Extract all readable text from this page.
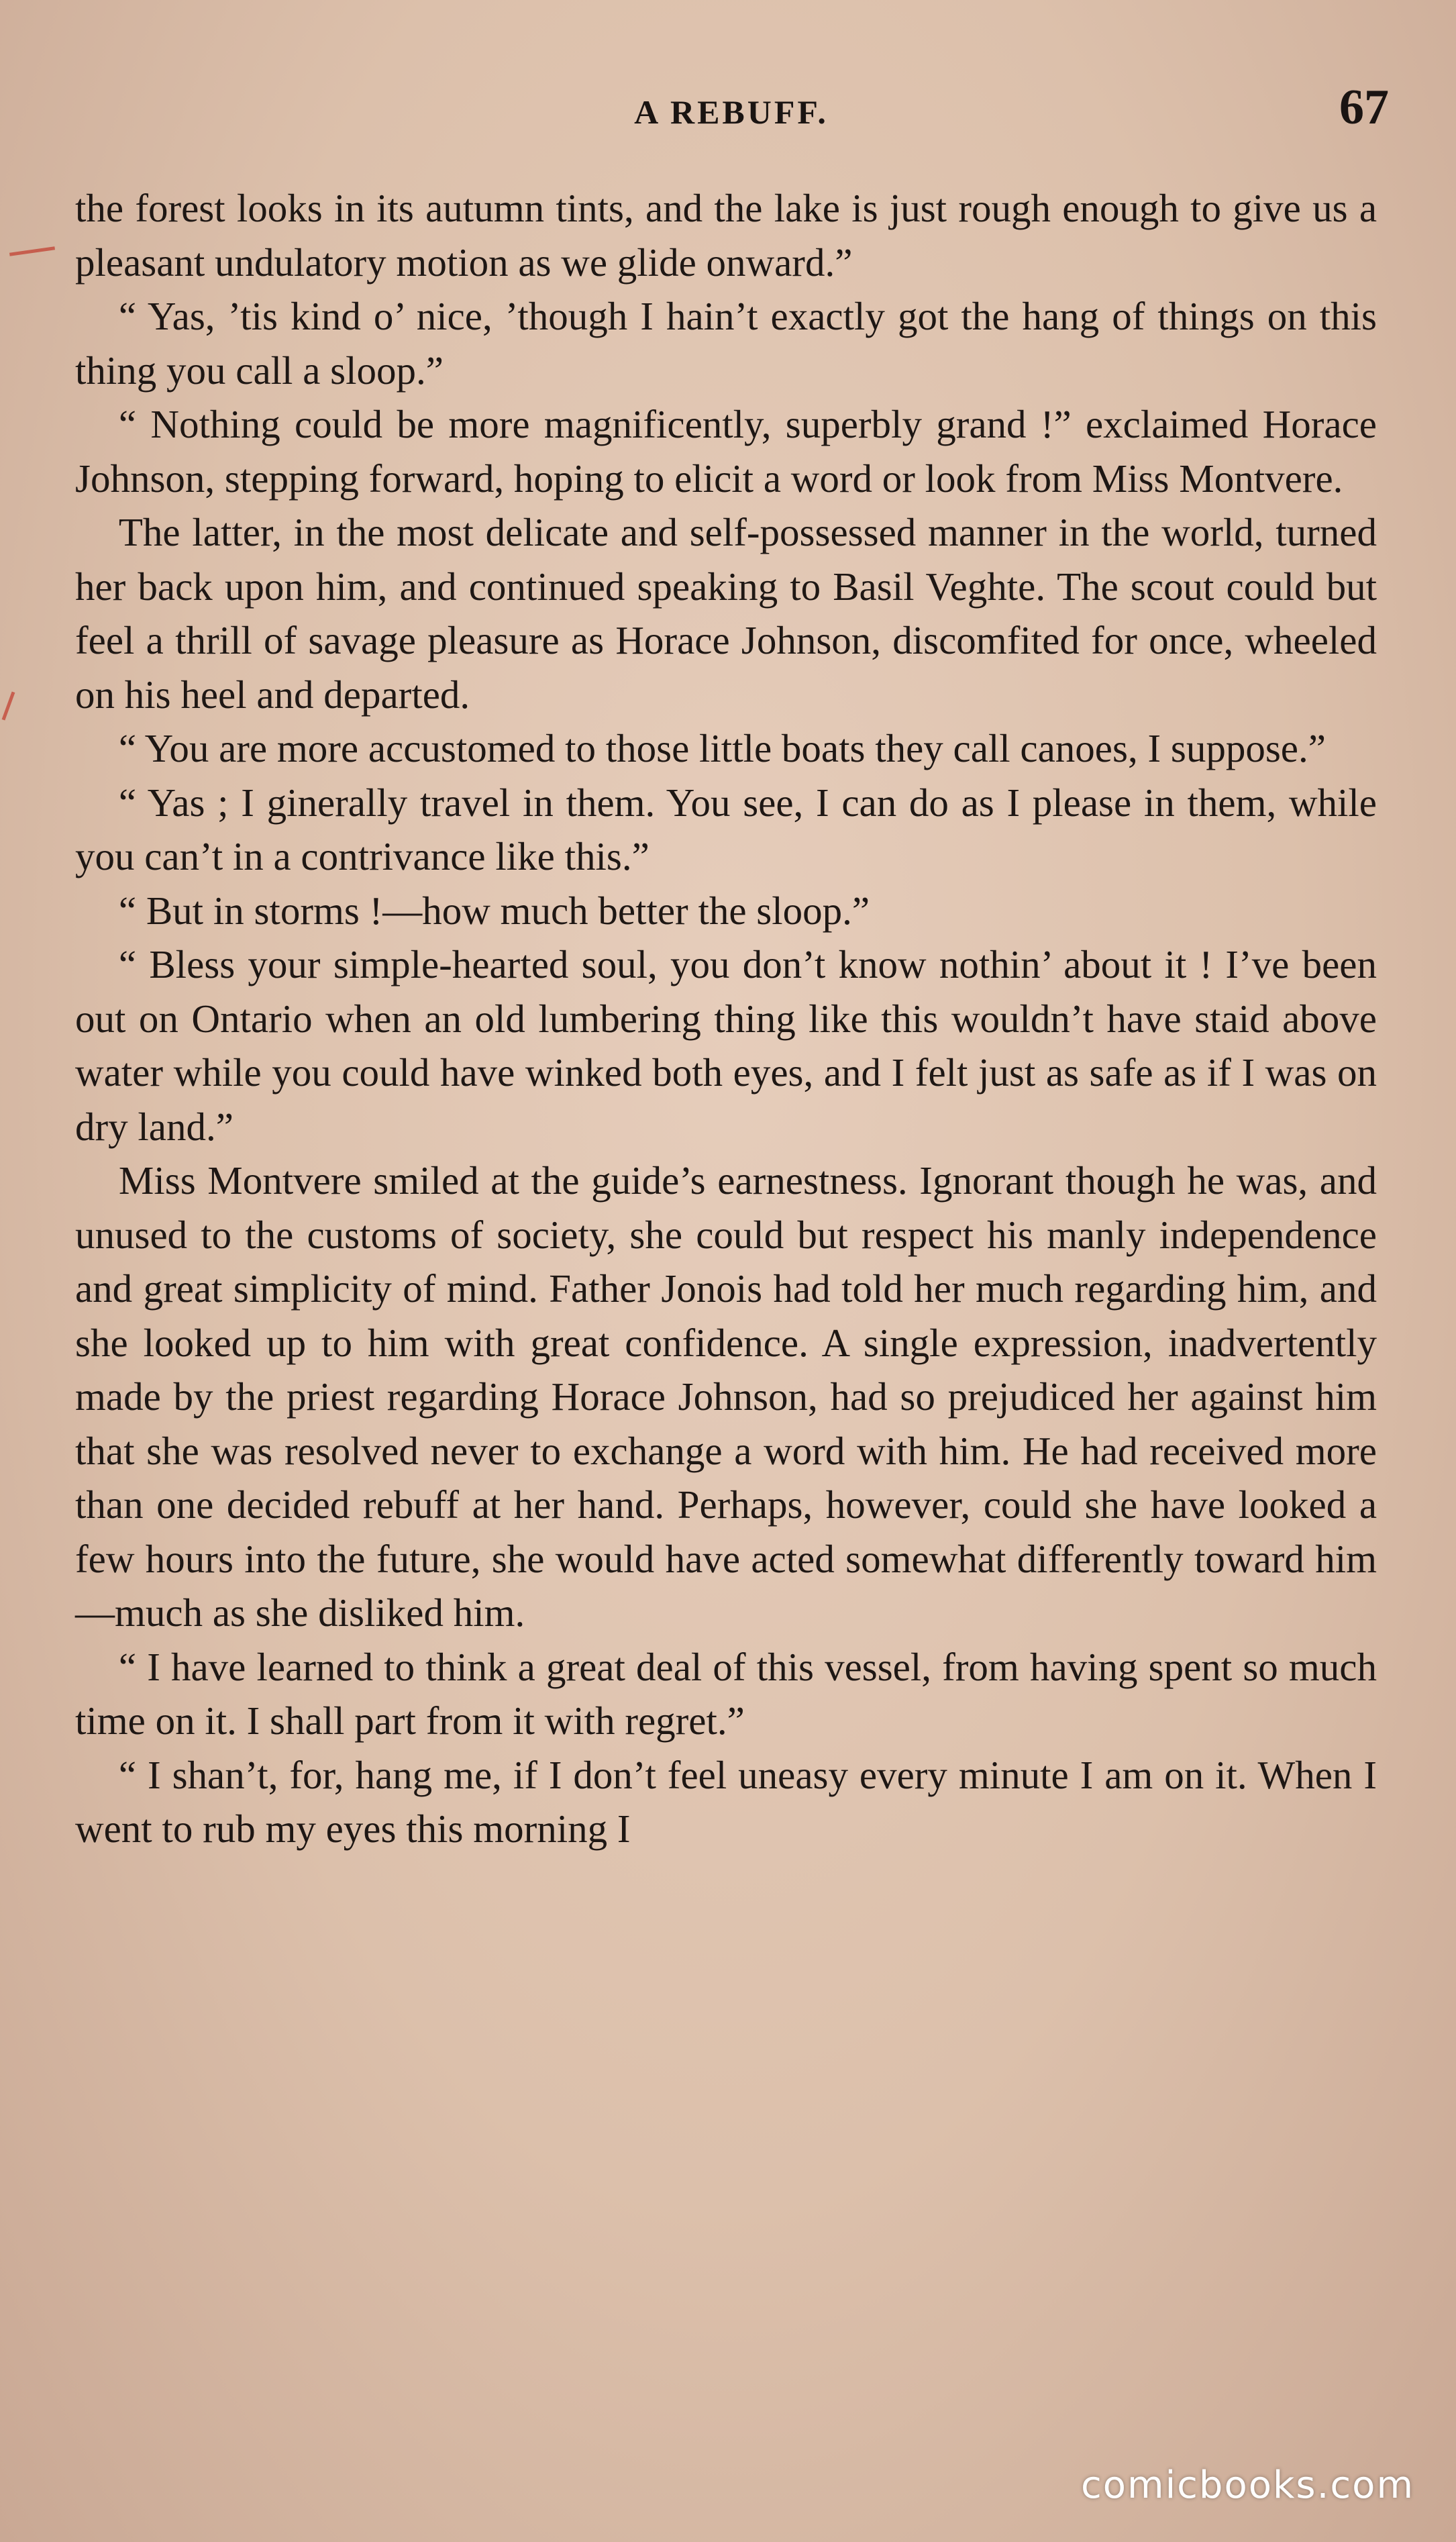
A REBUFF.	67

the forest looks in its autumn tints, and the lake is just rough enough to give us a pleasant undulatory motion as we glide onward.”

“ Yas, ’tis kind o’ nice, ’though I hain’t exactly got the hang of things on this thing you call a sloop.”

“ Nothing could be more magnificently, superbly grand !” exclaimed Horace Johnson, stepping forward, hoping to elicit a word or look from Miss Montvere.

The latter, in the most delicate and self-possessed manner in the world, turned her back upon him, and continued speaking to Basil Veghte. The scout could but feel a thrill of savage pleasure as Horace Johnson, discomfited for once, wheeled on his heel and departed.

“ You are more accustomed to those little boats they call canoes, I suppose.”

“ Yas ; I ginerally travel in them. You see, I can do as I please in them, while you can’t in a contrivance like this.”

“ But in storms !—how much better the sloop.”

“ Bless your simple-hearted soul, you don’t know nothin’ about it ! I’ve been out on Ontario when an old lumbering thing like this wouldn’t have staid above water while you could have winked both eyes, and I felt just as safe as if I was on dry land.”

Miss Montvere smiled at the guide’s earnestness. Ignorant though he was, and unused to the customs of society, she could but respect his manly independence and great simplicity of mind. Father Jonois had told her much regarding him, and she looked up to him with great confidence. A single expression, inadvertently made by the priest regarding Horace Johnson, had so prejudiced her against him that she was resolved never to exchange a word with him. He had received more than one decided rebuff at her hand. Perhaps, however, could she have looked a few hours into the future, she would have acted somewhat differently toward him—much as she disliked him.

“ I have learned to think a great deal of this vessel, from having spent so much time on it. I shall part from it with regret.”

“ I shan’t, for, hang me, if I don’t feel uneasy every minute I am on it. When I went to rub my eyes this morning I

comicbooks.com
